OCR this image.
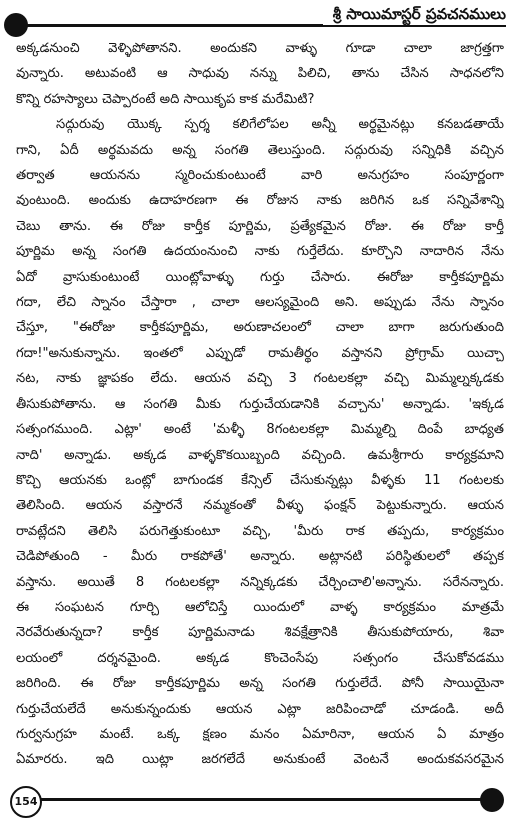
శ్రీ సాయిమాస్టర్ ప్రవచనములు
అక్కడనుంచి వెళ్ళిపోతానని. అందుకని వాళ్ళు గూడా చాలా జాగ్రత్తగా
వున్నారు. అటువంటి ఆ సాధువు నన్ను పిలిచి, తాను చేసిన సాధనలోని
కొన్ని రహస్యాలు చెప్పారంటే అది సాయికృప కాక మరేమిటి?
సద్గురువు యొక్క స్పర్శ కలిగేలోపల అన్నీ అర్థమైనట్లు కనబడతాయే
గాని, ఏదీ అర్థమవదు అన్న సంగతి తెలుస్తుంది. సద్గురువు సన్నిధికి వచ్చిన
తర్వాత ఆయనను స్మరించుకుంటుంటే వారి అనుగ్రహం సంపూర్ణంగా
వుంటుంది. అందుకు ఉదాహరణగా ఈ రోజున నాకు జరిగిన ఒక సన్నివేశాన్ని
చెబు తాను. ఈ రోజు కార్తీక పూర్ణిమ, ప్రత్యేకమైన రోజు. ఈ రోజు కార్తీ
పూర్ణిమ అన్న సంగతి ఉదయంనుంచి నాకు గుర్తేలేదు. కూర్చొని నాదారిన నేను
ఏదో వ్రాసుకుంటుంటే యింట్లోవాళ్ళు గుర్తు చేసారు. ఈరోజు కార్తీకపూర్ణిమ
గదా, లేచి స్నానం చేస్తారా , చాలా ఆలస్యమైంది అని. అప్పుడు నేను స్నానం
చేస్తూ, "ఈరోజు కార్తీకపూర్ణిమ, అరుణాచలంలో చాలా బాగా జరుగుతుంది
గదా!"అనుకున్నాను. ఇంతలో ఎప్పుడో రామతీర్థం వస్తానని ప్రోగ్రామ్ యిచ్చా
నట, నాకు జ్ఞాపకం లేదు. ఆయన వచ్చి 3 గంటలకల్లా వచ్చి మిమ్మల్నక్కడకు
తీసుకుపోతాను. ఆ సంగతి మీకు గుర్తుచేయడానికి వచ్చాను' అన్నాడు. 'ఇక్కడ
సత్సంగముంది. ఎట్లా' అంటే 'మళ్ళీ 8గంటలకల్లా మిమ్మల్ని దింపే బాధ్యత
నాది' అన్నాడు. అక్కడ వాళ్ళకొకయిబ్బంది వచ్చింది. ఉమశ్రీగారు కార్యక్రమాని
కొచ్చి ఆయనకు ఒంట్లో బాగుండక కేన్సిల్ చేసుకున్నట్లు వీళ్ళకు 11 గంటలకు
తెలిసింది. ఆయన వస్తారనే నమ్మకంతో వీళ్ళు ఫంక్షన్ పెట్టుకున్నారు. ఆయన
రావట్లేదని తెలిసి పరుగెత్తుకుంటూ వచ్చి, 'మీరు రాక తప్పదు, కార్యక్రమం
చెడిపోతుంది - మీరు రాకపోతే' అన్నారు. అట్లానటి పరిస్థితులలో తప్పక
వస్తాను. అయితే 8 గంటలకల్లా నన్నిక్కడకు చేర్చించాలి'అన్నాను. సరేనన్నారు.
ఈ సంఘటన గూర్చి ఆలోచిస్తే యిందులో వాళ్ళ కార్యక్రమం మాత్రమే
నెరవేరుతున్నదా? కార్తీక పూర్ణిమనాడు శివక్షేత్రానికి తీసుకుపోయారు, శివా
లయంలో దర్శనమైంది. అక్కడ కొంచెంసేపు సత్సంగం చేసుకోవడము
జరిగింది. ఈ రోజు కార్తీకపూర్ణిమ అన్న సంగతి గుర్తులేదే. పోనీ సాయియైనా
గుర్తుచేయలేదే అనుకున్నందుకు ఆయన ఎట్లా జరిపించాడో చూడండి. అదీ
గుర్వనుగ్రహ మంటే. ఒక్క క్షణం మనం ఏమారినా, ఆయన ఏ మాత్రం
ఏమారరు. ఇది యిట్లా జరగలేదే అనుకుంటే వెంటనే అందుకవసరమైన
154
